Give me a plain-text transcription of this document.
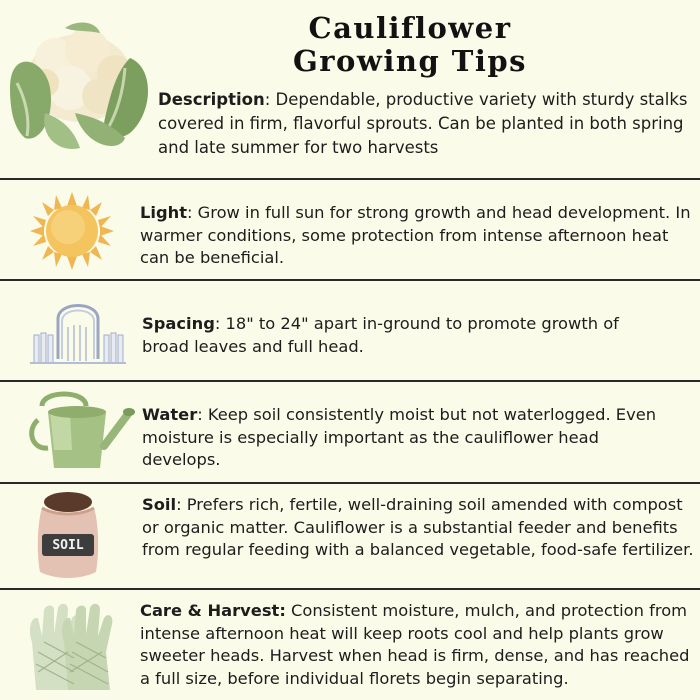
Cauliflower
Growing Tips
Description: Dependable, productive variety with sturdy stalks covered in firm, flavorful sprouts. Can be planted in both spring and late summer for two harvests
Light: Grow in full sun for strong growth and head development. In warmer conditions, some protection from intense afternoon heat can be beneficial.
Spacing: 18" to 24" apart in-ground to promote growth of broad leaves and full head.
Water: Keep soil consistently moist but not waterlogged. Even moisture is especially important as the cauliflower head develops.
SOIL
Soil: Prefers rich, fertile, well-draining soil amended with compost or organic matter. Cauliflower is a substantial feeder and benefits from regular feeding with a balanced vegetable, food-safe fertilizer.
Care & Harvest: Consistent moisture, mulch, and protection from intense afternoon heat will keep roots cool and help plants grow sweeter heads. Harvest when head is firm, dense, and has reached a full size, before individual florets begin separating.
